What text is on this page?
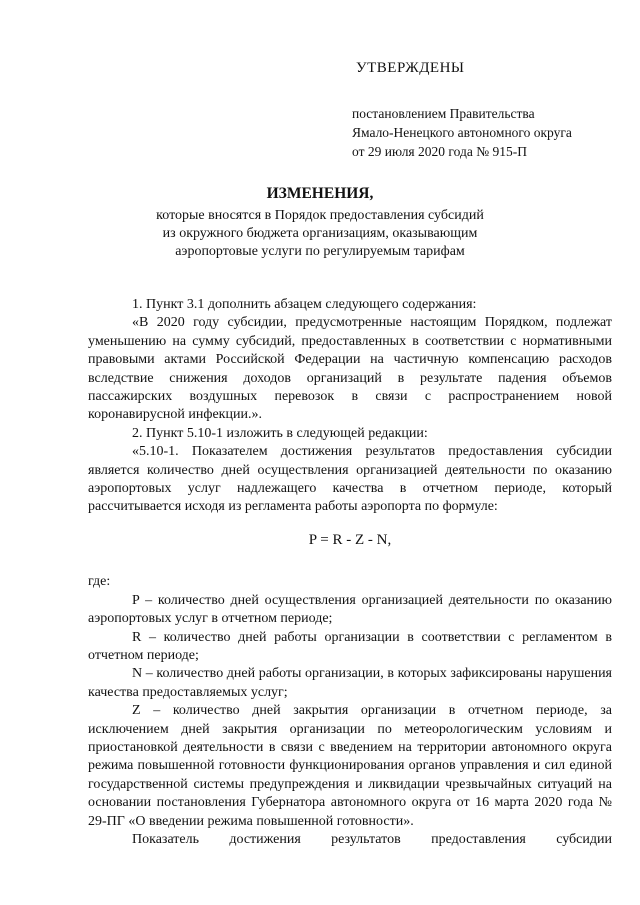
УТВЕРЖДЕНЫ
постановлением Правительства
Ямало-Ненецкого автономного округа
от 29 июля 2020 года № 915-П
ИЗМЕНЕНИЯ,
которые вносятся в Порядок предоставления субсидий
из окружного бюджета организациям, оказывающим
аэропортовые услуги по регулируемым тарифам

1. Пункт 3.1 дополнить абзацем следующего содержания:

«В 2020 году субсидии, предусмотренные настоящим Порядком, подлежат уменьшению на сумму субсидий, предоставленных в соответствии с нормативными правовыми актами Российской Федерации на частичную компенсацию расходов вследствие снижения доходов организаций в результате падения объемов пассажирских воздушных перевозок в связи с распространением новой коронавирусной инфекции.».

2. Пункт 5.10-1 изложить в следующей редакции:

«5.10-1. Показателем достижения результатов предоставления субсидии является количество дней осуществления организацией деятельности по оказанию аэропортовых услуг надлежащего качества в отчетном периоде, который рассчитывается исходя из регламента работы аэропорта по формуле:

P = R - Z - N,

где:

P – количество дней осуществления организацией деятельности по оказанию аэропортовых услуг в отчетном периоде;

R – количество дней работы организации в соответствии с регламентом в отчетном периоде;

N – количество дней работы организации, в которых зафиксированы нарушения качества предоставляемых услуг;

Z – количество дней закрытия организации в отчетном периоде, за исключением дней закрытия организации по метеорологическим условиям и приостановкой деятельности в связи с введением на территории автономного округа режима повышенной готовности функционирования органов управления и сил единой государственной системы предупреждения и ликвидации чрезвычайных ситуаций на основании постановления Губернатора автономного округа от 16 марта 2020 года № 29-ПГ «О введении режима повышенной готовности».

Показатель достижения результатов предоставления субсидии
